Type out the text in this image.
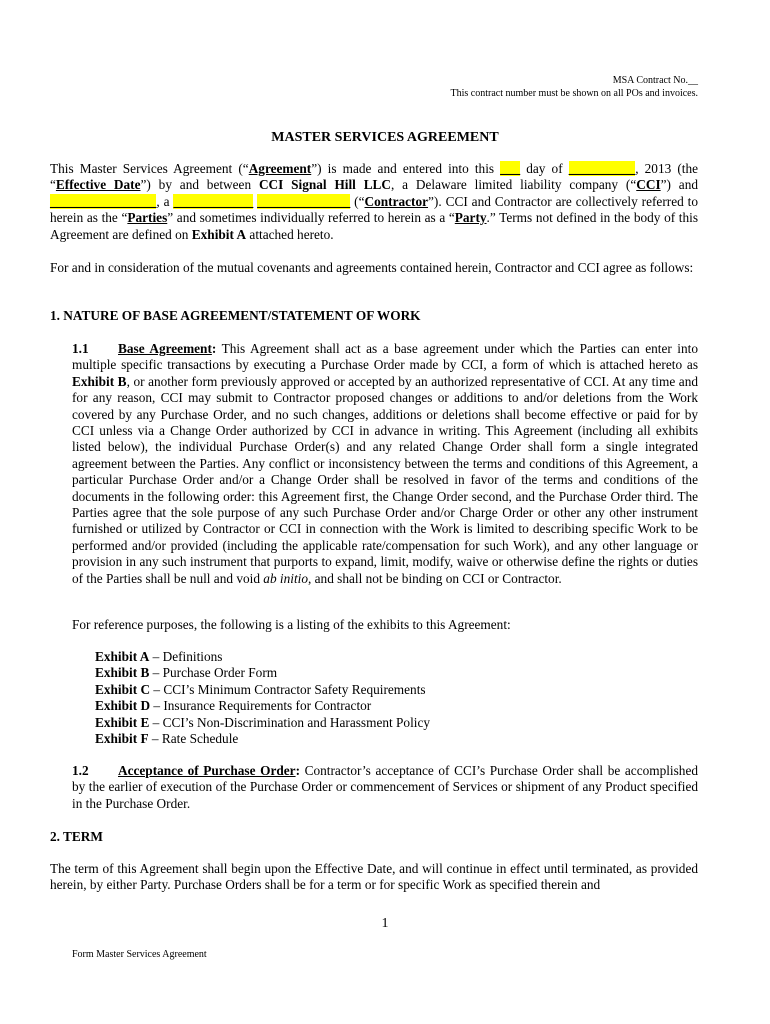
MSA Contract No.__
This contract number must be shown on all POs and invoices.
MASTER SERVICES AGREEMENT
This Master Services Agreement (“Agreement”) is made and entered into this ___ day of __________, 2013 (the “Effective Date”) by and between CCI Signal Hill LLC, a Delaware limited liability company (“CCI”) and ________________, a ____________ ______________ (“Contractor”). CCI and Contractor are collectively referred to herein as the “Parties” and sometimes individually referred to herein as a “Party.” Terms not defined in the body of this Agreement are defined on Exhibit A attached hereto.
For and in consideration of the mutual covenants and agreements contained herein, Contractor and CCI agree as follows:
1. NATURE OF BASE AGREEMENT/STATEMENT OF WORK
1.1 Base Agreement: This Agreement shall act as a base agreement under which the Parties can enter into multiple specific transactions by executing a Purchase Order made by CCI, a form of which is attached hereto as Exhibit B, or another form previously approved or accepted by an authorized representative of CCI. At any time and for any reason, CCI may submit to Contractor proposed changes or additions to and/or deletions from the Work covered by any Purchase Order, and no such changes, additions or deletions shall become effective or paid for by CCI unless via a Change Order authorized by CCI in advance in writing. This Agreement (including all exhibits listed below), the individual Purchase Order(s) and any related Change Order shall form a single integrated agreement between the Parties. Any conflict or inconsistency between the terms and conditions of this Agreement, a particular Purchase Order and/or a Change Order shall be resolved in favor of the terms and conditions of the documents in the following order: this Agreement first, the Change Order second, and the Purchase Order third. The Parties agree that the sole purpose of any such Purchase Order and/or Charge Order or other any other instrument furnished or utilized by Contractor or CCI in connection with the Work is limited to describing specific Work to be performed and/or provided (including the applicable rate/compensation for such Work), and any other language or provision in any such instrument that purports to expand, limit, modify, waive or otherwise define the rights or duties of the Parties shall be null and void ab initio, and shall not be binding on CCI or Contractor.
For reference purposes, the following is a listing of the exhibits to this Agreement:
Exhibit A – Definitions
Exhibit B – Purchase Order Form
Exhibit C – CCI’s Minimum Contractor Safety Requirements
Exhibit D – Insurance Requirements for Contractor
Exhibit E – CCI’s Non-Discrimination and Harassment Policy
Exhibit F – Rate Schedule
1.2 Acceptance of Purchase Order: Contractor’s acceptance of CCI’s Purchase Order shall be accomplished by the earlier of execution of the Purchase Order or commencement of Services or shipment of any Product specified in the Purchase Order.
2. TERM
The term of this Agreement shall begin upon the Effective Date, and will continue in effect until terminated, as provided herein, by either Party. Purchase Orders shall be for a term or for specific Work as specified therein and
1
Form Master Services Agreement
